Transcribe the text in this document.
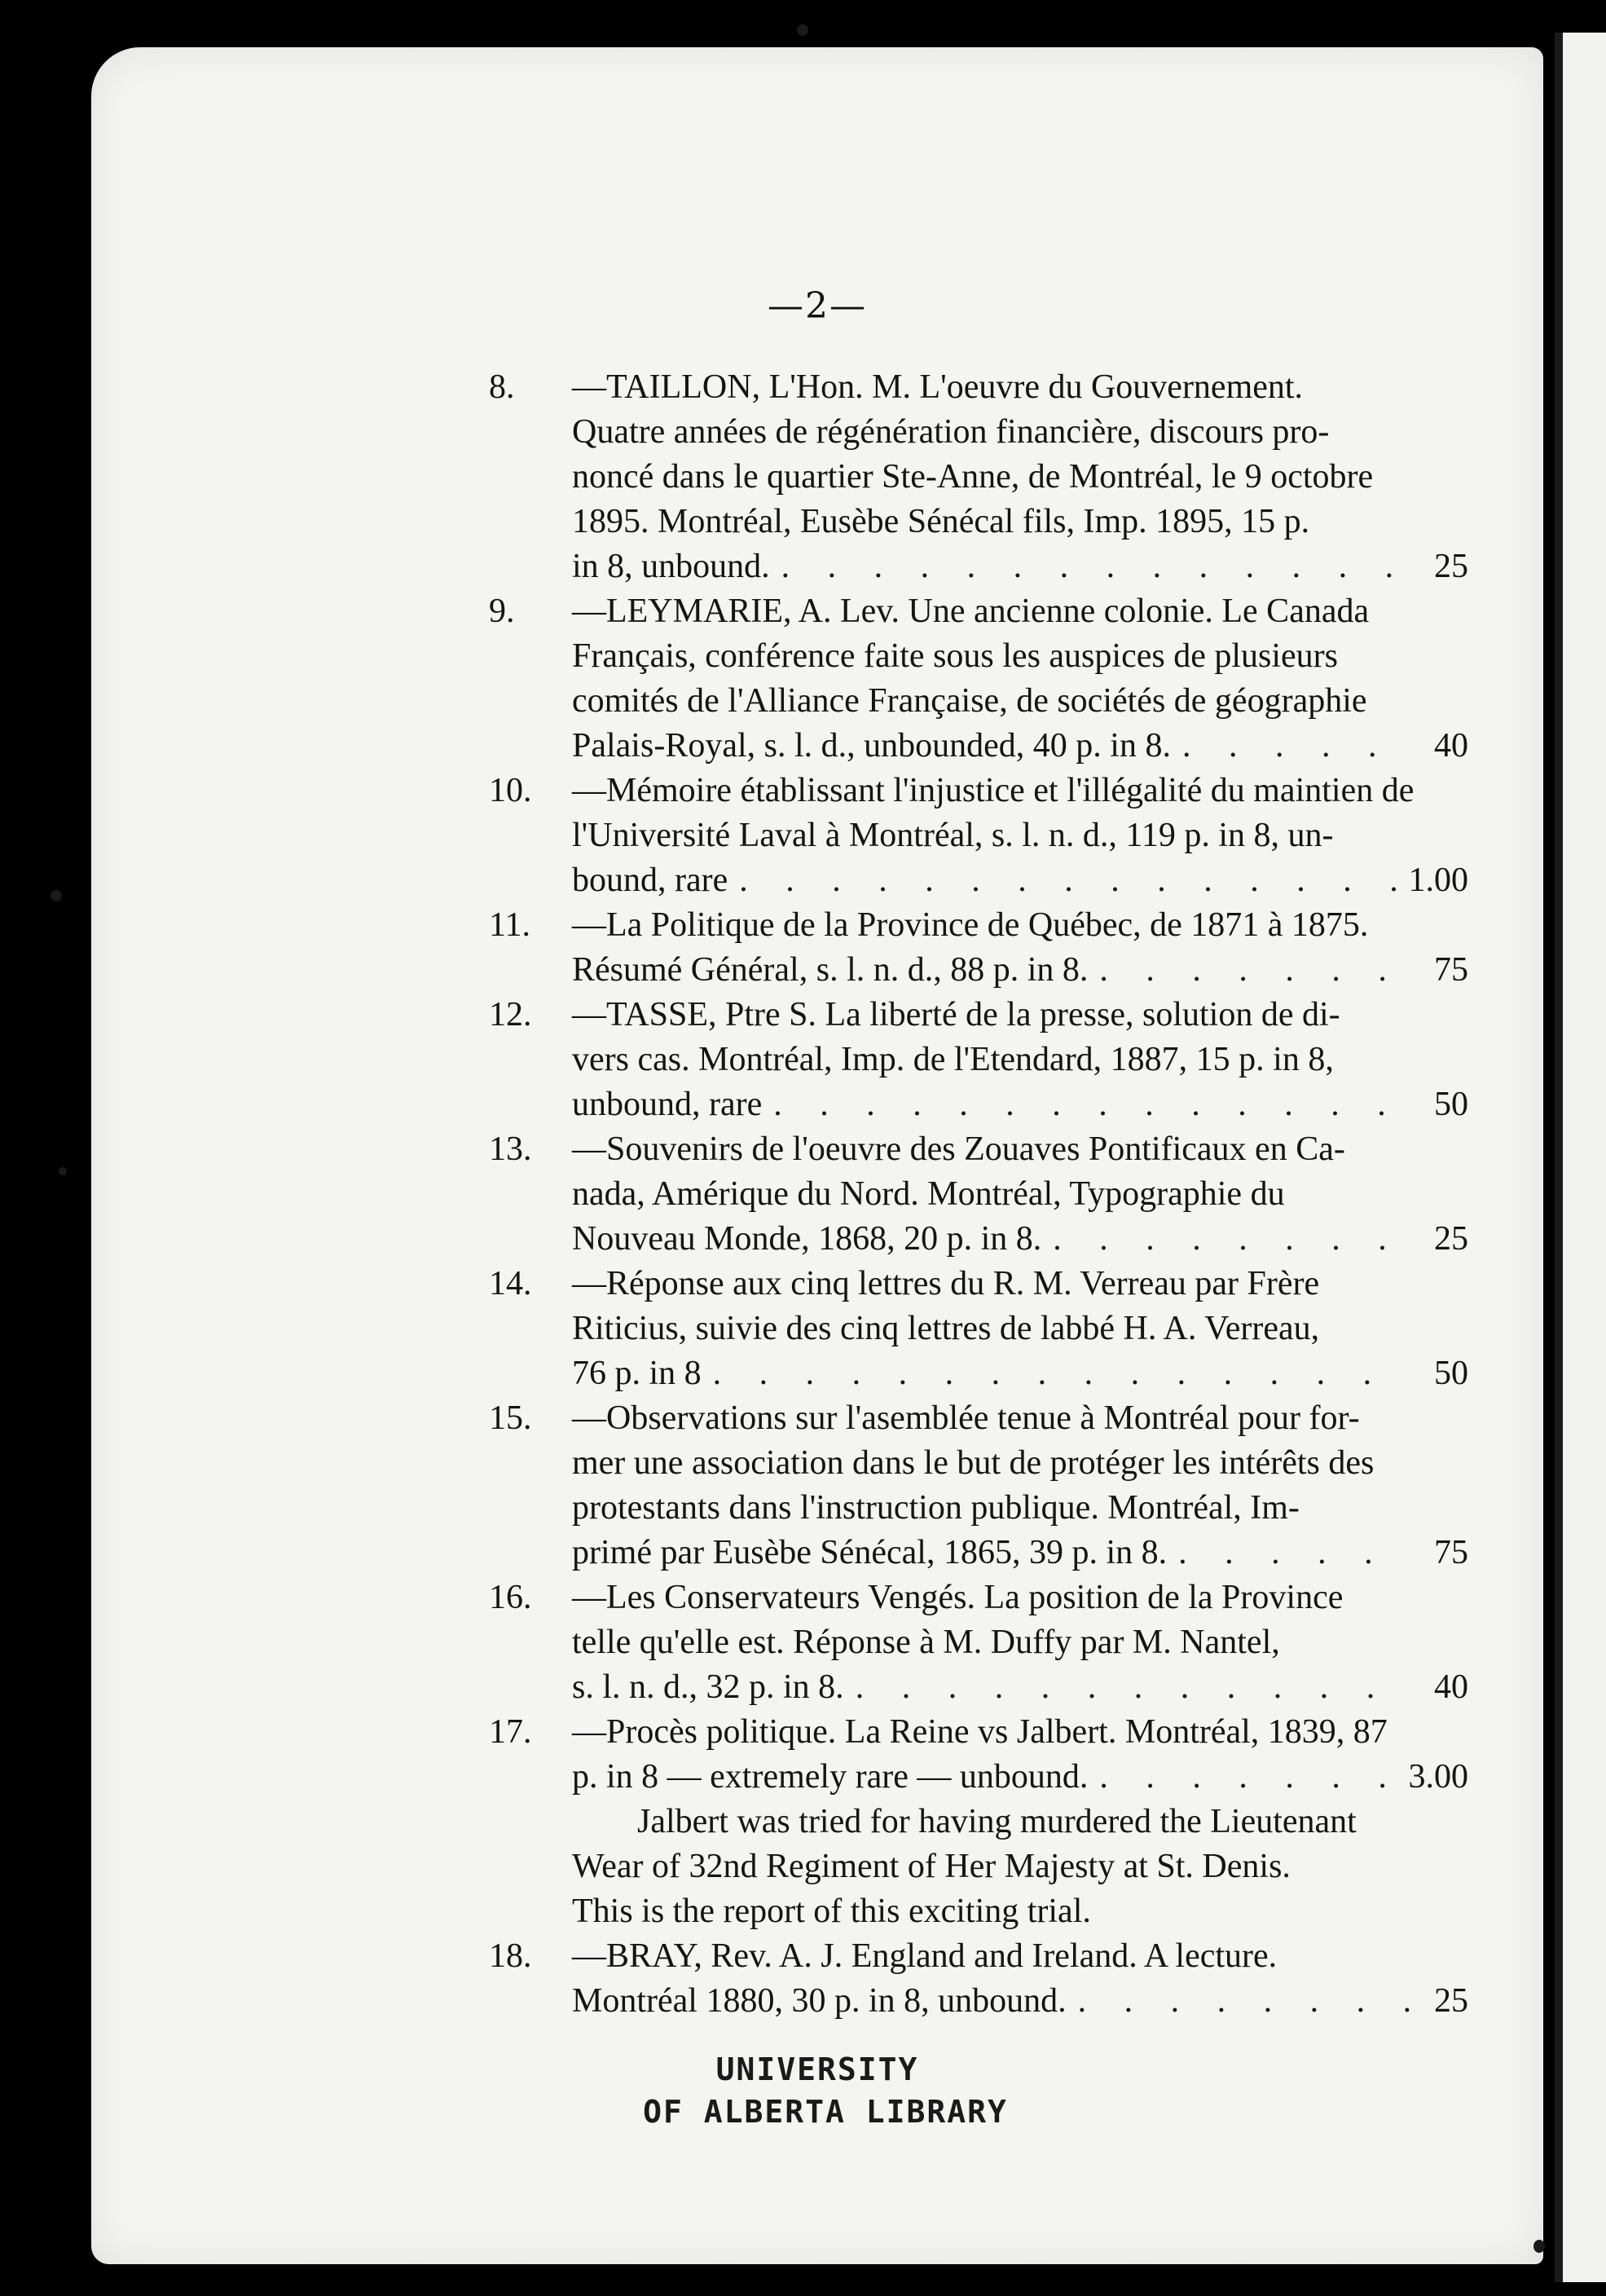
—2—
8. —TAILLON, L'Hon. M. L'oeuvre du Gouvernement.
Quatre années de régénération financière, discours pro-
noncé dans le quartier Ste-Anne, de Montréal, le 9 octobre
1895. Montréal, Eusèbe Sénécal fils, Imp. 1895, 15 p.
in 8, unbound. . . .	25
9. —LEYMARIE, A. Lev. Une ancienne colonie. Le Canada
Français, conférence faite sous les auspices de plusieurs
comités de l'Alliance Française, de sociétés de géographie
Palais-Royal, s. l. d., unbounded, 40 p. in 8. . . .	40
10. —Mémoire établissant l'injustice et l'illégalité du maintien de
l'Université Laval à Montréal, s. l. n. d., 119 p. in 8, un-
bound, rare . . .	1.00
11. —La Politique de la Province de Québec, de 1871 à 1875.
Résumé Général, s. l. n. d., 88 p. in 8. . . .	75
12. —TASSE, Ptre S. La liberté de la presse, solution de di-
vers cas. Montréal, Imp. de l'Etendard, 1887, 15 p. in 8,
unbound, rare . . .	50
13. —Souvenirs de l'oeuvre des Zouaves Pontificaux en Ca-
nada, Amérique du Nord. Montréal, Typographie du
Nouveau Monde, 1868, 20 p. in 8. . . .	25
14. —Réponse aux cinq lettres du R. M. Verreau par Frère
Riticius, suivie des cinq lettres de labbé H. A. Verreau,
76 p. in 8 . . .	50
15. —Observations sur l'asemblée tenue à Montréal pour for-
mer une association dans le but de protéger les intérêts des
protestants dans l'instruction publique. Montréal, Im-
primé par Eusèbe Sénécal, 1865, 39 p. in 8. . . .	75
16. —Les Conservateurs Vengés. La position de la Province
telle qu'elle est. Réponse à M. Duffy par M. Nantel,
s. l. n. d., 32 p. in 8. . . .	40
17. —Procès politique. La Reine vs Jalbert. Montréal, 1839, 87
p. in 8 — extremely rare — unbound. . . .	3.00
Jalbert was tried for having murdered the Lieutenant
Wear of 32nd Regiment of Her Majesty at St. Denis.
This is the report of this exciting trial.
18. —BRAY, Rev. A. J. England and Ireland. A lecture.
Montréal 1880, 30 p. in 8, unbound. . . .	25
UNIVERSITY
OF ALBERTA LIBRARY
